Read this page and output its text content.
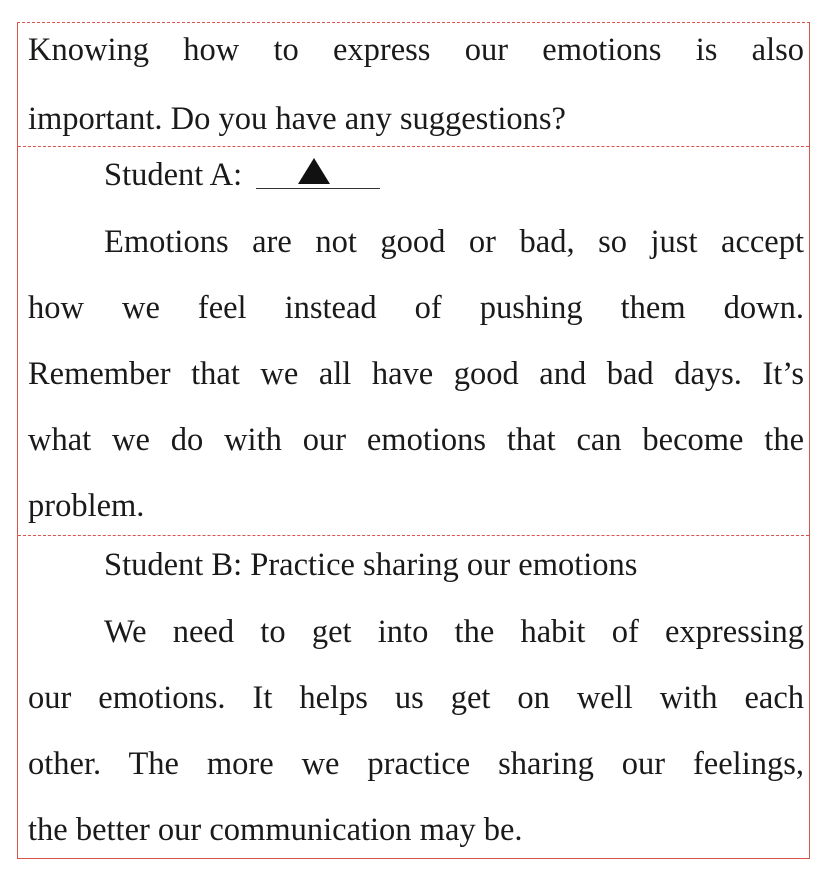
Knowing how to express our emotions is also
important. Do you have any suggestions?
Student A:
Emotions are not good or bad, so just accept
how we feel instead of pushing them down.
Remember that we all have good and bad days. It’s
what we do with our emotions that can become the
problem.
Student B: Practice sharing our emotions
We need to get into the habit of expressing
our emotions. It helps us get on well with each
other. The more we practice sharing our feelings,
the better our communication may be.
